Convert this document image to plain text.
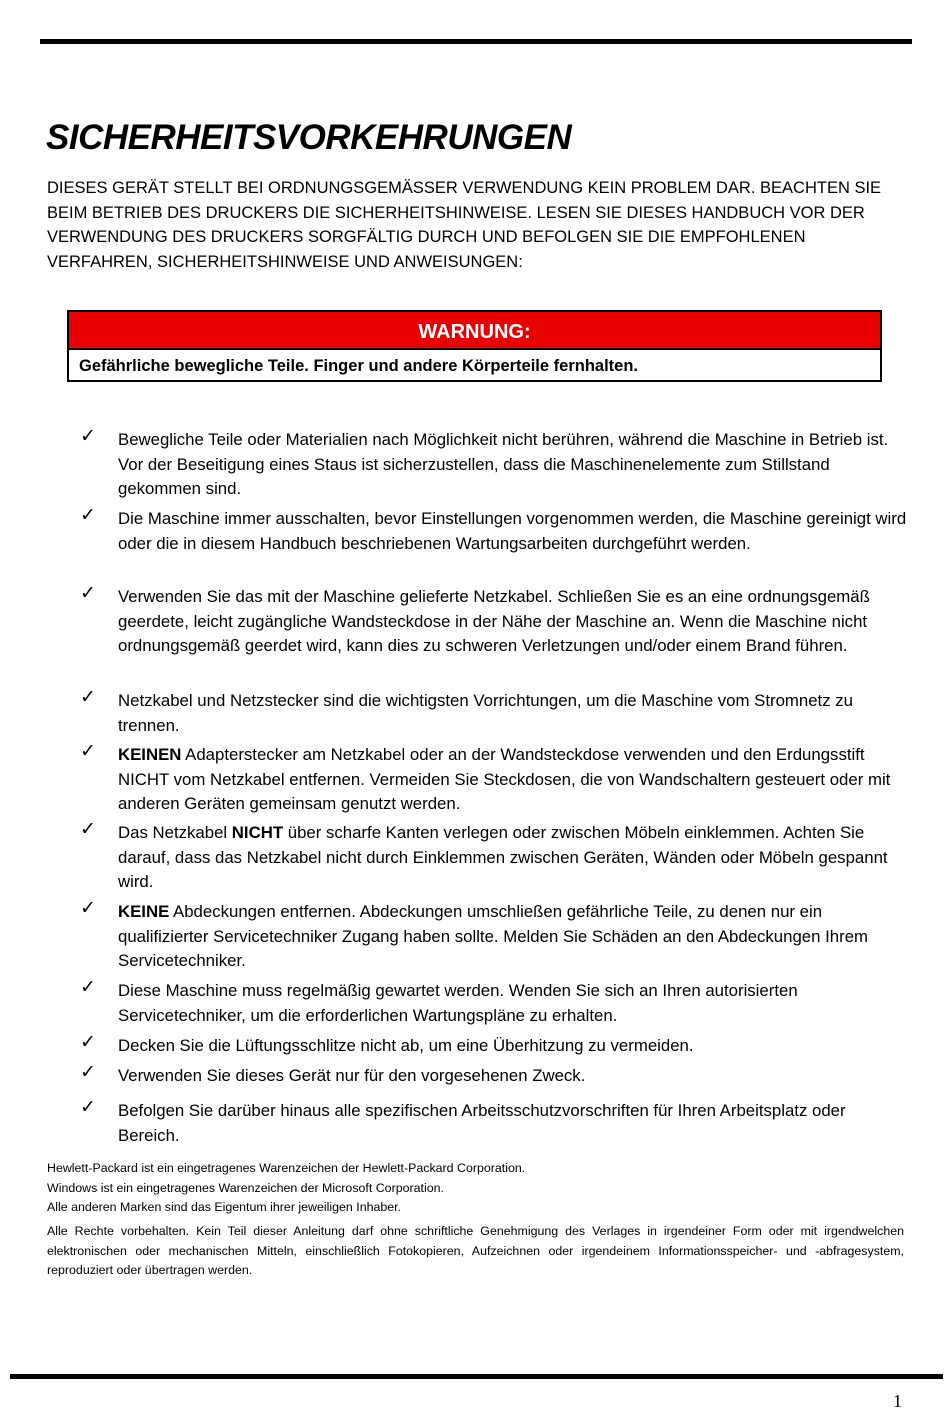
SICHERHEITSVORKEHRUNGEN

DIESES GERÄT STELLT BEI ORDNUNGSGEMÄSSER VERWENDUNG KEIN PROBLEM DAR. BEACHTEN SIE BEIM BETRIEB DES DRUCKERS DIE SICHERHEITSHINWEISE. LESEN SIE DIESES HANDBUCH VOR DER VERWENDUNG DES DRUCKERS SORGFÄLTIG DURCH UND BEFOLGEN SIE DIE EMPFOHLENEN VERFAHREN, SICHERHEITSHINWEISE UND ANWEISUNGEN:

WARNUNG:
Gefährliche bewegliche Teile. Finger und andere Körperteile fernhalten.
✓	Bewegliche Teile oder Materialien nach Möglichkeit nicht berühren, während die Maschine in Betrieb ist. Vor der Beseitigung eines Staus ist sicherzustellen, dass die Maschinenelemente zum Stillstand gekommen sind.
✓	Die Maschine immer ausschalten, bevor Einstellungen vorgenommen werden, die Maschine gereinigt wird oder die in diesem Handbuch beschriebenen Wartungsarbeiten durchgeführt werden.
✓	Verwenden Sie das mit der Maschine gelieferte Netzkabel. Schließen Sie es an eine ordnungsgemäß geerdete, leicht zugängliche Wandsteckdose in der Nähe der Maschine an. Wenn die Maschine nicht ordnungsgemäß geerdet wird, kann dies zu schweren Verletzungen und/oder einem Brand führen.
✓	Netzkabel und Netzstecker sind die wichtigsten Vorrichtungen, um die Maschine vom Stromnetz zu trennen.
✓	KEINEN Adapterstecker am Netzkabel oder an der Wandsteckdose verwenden und den Erdungsstift NICHT vom Netzkabel entfernen. Vermeiden Sie Steckdosen, die von Wandschaltern gesteuert oder mit anderen Geräten gemeinsam genutzt werden.
✓	Das Netzkabel NICHT über scharfe Kanten verlegen oder zwischen Möbeln einklemmen. Achten Sie darauf, dass das Netzkabel nicht durch Einklemmen zwischen Geräten, Wänden oder Möbeln gespannt wird.
✓	KEINE Abdeckungen entfernen. Abdeckungen umschließen gefährliche Teile, zu denen nur ein qualifizierter Servicetechniker Zugang haben sollte. Melden Sie Schäden an den Abdeckungen Ihrem Servicetechniker.
✓	Diese Maschine muss regelmäßig gewartet werden. Wenden Sie sich an Ihren autorisierten Servicetechniker, um die erforderlichen Wartungspläne zu erhalten.
✓	Decken Sie die Lüftungsschlitze nicht ab, um eine Überhitzung zu vermeiden.
✓	Verwenden Sie dieses Gerät nur für den vorgesehenen Zweck.
✓	Befolgen Sie darüber hinaus alle spezifischen Arbeitsschutzvorschriften für Ihren Arbeitsplatz oder Bereich.

Hewlett-Packard ist ein eingetragenes Warenzeichen der Hewlett-Packard Corporation.

Windows ist ein eingetragenes Warenzeichen der Microsoft Corporation.

Alle anderen Marken sind das Eigentum ihrer jeweiligen Inhaber.

Alle Rechte vorbehalten. Kein Teil dieser Anleitung darf ohne schriftliche Genehmigung des Verlages in irgendeiner Form oder mit irgendwelchen elektronischen oder mechanischen Mitteln, einschließlich Fotokopieren, Aufzeichnen oder irgendeinem Informationsspeicher- und -abfragesystem, reproduziert oder übertragen werden.

1
